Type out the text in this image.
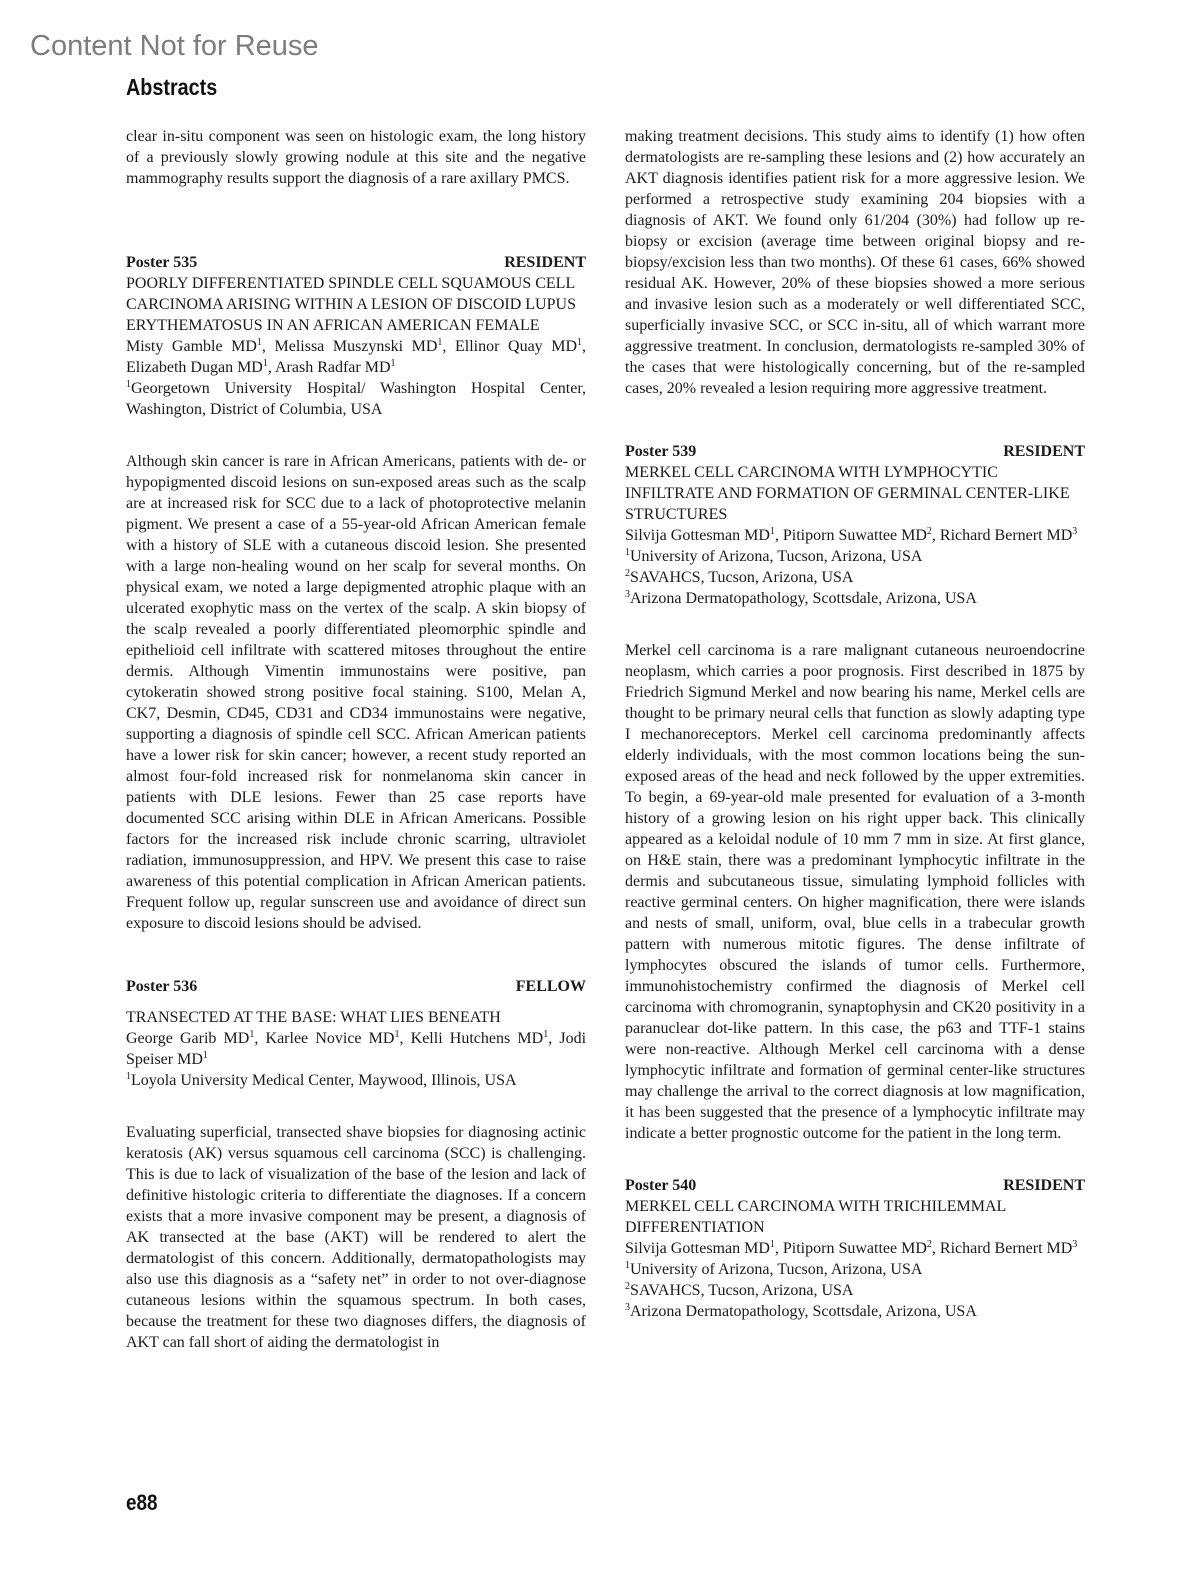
Content Not for Reuse
Abstracts

clear in-situ component was seen on histologic exam, the long history of a previously slowly growing nodule at this site and the negative mammography results support the diagnosis of a rare axillary PMCS.

Poster 535	RESIDENT

POORLY DIFFERENTIATED SPINDLE CELL SQUAMOUS CELL CARCINOMA ARISING WITHIN A LESION OF DISCOID LUPUS ERYTHEMATOSUS IN AN AFRICAN AMERICAN FEMALE

Misty Gamble $MD^1$, Melissa Muszynski $MD^1$, Ellinor Quay $MD^1$, Elizabeth Dugan $MD^1$, Arash Radfar $MD^1$

$^1$Georgetown University Hospital/ Washington Hospital Center, Washington, District of Columbia, USA

Although skin cancer is rare in African Americans, patients with de- or hypopigmented discoid lesions on sun-exposed areas such as the scalp are at increased risk for SCC due to a lack of photoprotective melanin pigment. We present a case of a 55-year-old African American female with a history of SLE with a cutaneous discoid lesion. She presented with a large non-healing wound on her scalp for several months. On physical exam, we noted a large depigmented atrophic plaque with an ulcerated exophytic mass on the vertex of the scalp. A skin biopsy of the scalp revealed a poorly differentiated pleomorphic spindle and epithelioid cell infiltrate with scattered mitoses throughout the entire dermis. Although Vimentin immunostains were positive, pan cytokeratin showed strong positive focal staining. S100, Melan A, CK7, Desmin, CD45, CD31 and CD34 immunostains were negative, supporting a diagnosis of spindle cell SCC. African American patients have a lower risk for skin cancer; however, a recent study reported an almost four-fold increased risk for nonmelanoma skin cancer in patients with DLE lesions. Fewer than 25 case reports have documented SCC arising within DLE in African Americans. Possible factors for the increased risk include chronic scarring, ultraviolet radiation, immunosuppression, and HPV. We present this case to raise awareness of this potential complication in African American patients. Frequent follow up, regular sunscreen use and avoidance of direct sun exposure to discoid lesions should be advised.

Poster 536	FELLOW

TRANSECTED AT THE BASE: WHAT LIES BENEATH

George Garib $MD^1$, Karlee Novice $MD^1$, Kelli Hutchens $MD^1$, Jodi Speiser $MD^1$

$^1$Loyola University Medical Center, Maywood, Illinois, USA

Evaluating superficial, transected shave biopsies for diagnosing actinic keratosis (AK) versus squamous cell carcinoma (SCC) is challenging. This is due to lack of visualization of the base of the lesion and lack of definitive histologic criteria to differentiate the diagnoses. If a concern exists that a more invasive component may be present, a diagnosis of AK transected at the base (AKT) will be rendered to alert the dermatologist of this concern. Additionally, dermatopathologists may also use this diagnosis as a “safety net” in order to not over-diagnose cutaneous lesions within the squamous spectrum. In both cases, because the treatment for these two diagnoses differs, the diagnosis of AKT can fall short of aiding the dermatologist in

making treatment decisions. This study aims to identify (1) how often dermatologists are re-sampling these lesions and (2) how accurately an AKT diagnosis identifies patient risk for a more aggressive lesion. We performed a retrospective study examining 204 biopsies with a diagnosis of AKT. We found only 61/204 (30%) had follow up re-biopsy or excision (average time between original biopsy and re-biopsy/excision less than two months). Of these 61 cases, 66% showed residual AK. However, 20% of these biopsies showed a more serious and invasive lesion such as a moderately or well differentiated SCC, superficially invasive SCC, or SCC in-situ, all of which warrant more aggressive treatment. In conclusion, dermatologists re-sampled 30% of the cases that were histologically concerning, but of the re-sampled cases, 20% revealed a lesion requiring more aggressive treatment.

Poster 539	RESIDENT

MERKEL CELL CARCINOMA WITH LYMPHOCYTIC INFILTRATE AND FORMATION OF GERMINAL CENTER-LIKE STRUCTURES

Silvija Gottesman $MD^1$, Pitiporn Suwattee $MD^2$, Richard Bernert $MD^3$

$^1$University of Arizona, Tucson, Arizona, USA
$^2$SAVAHCS, Tucson, Arizona, USA
$^3$Arizona Dermatopathology, Scottsdale, Arizona, USA

Merkel cell carcinoma is a rare malignant cutaneous neuroendocrine neoplasm, which carries a poor prognosis. First described in 1875 by Friedrich Sigmund Merkel and now bearing his name, Merkel cells are thought to be primary neural cells that function as slowly adapting type I mechanoreceptors. Merkel cell carcinoma predominantly affects elderly individuals, with the most common locations being the sun-exposed areas of the head and neck followed by the upper extremities. To begin, a 69-year-old male presented for evaluation of a 3-month history of a growing lesion on his right upper back. This clinically appeared as a keloidal nodule of 10 mm 7 mm in size. At first glance, on H&E stain, there was a predominant lymphocytic infiltrate in the dermis and subcutaneous tissue, simulating lymphoid follicles with reactive germinal centers. On higher magnification, there were islands and nests of small, uniform, oval, blue cells in a trabecular growth pattern with numerous mitotic figures. The dense infiltrate of lymphocytes obscured the islands of tumor cells. Furthermore, immunohistochemistry confirmed the diagnosis of Merkel cell carcinoma with chromogranin, synaptophysin and CK20 positivity in a paranuclear dot-like pattern. In this case, the p63 and TTF-1 stains were non-reactive. Although Merkel cell carcinoma with a dense lymphocytic infiltrate and formation of germinal center-like structures may challenge the arrival to the correct diagnosis at low magnification, it has been suggested that the presence of a lymphocytic infiltrate may indicate a better prognostic outcome for the patient in the long term.

Poster 540	RESIDENT

MERKEL CELL CARCINOMA WITH TRICHILEMMAL DIFFERENTIATION

Silvija Gottesman $MD^1$, Pitiporn Suwattee $MD^2$, Richard Bernert $MD^3$

$^1$University of Arizona, Tucson, Arizona, USA
$^2$SAVAHCS, Tucson, Arizona, USA
$^3$Arizona Dermatopathology, Scottsdale, Arizona, USA

e88
